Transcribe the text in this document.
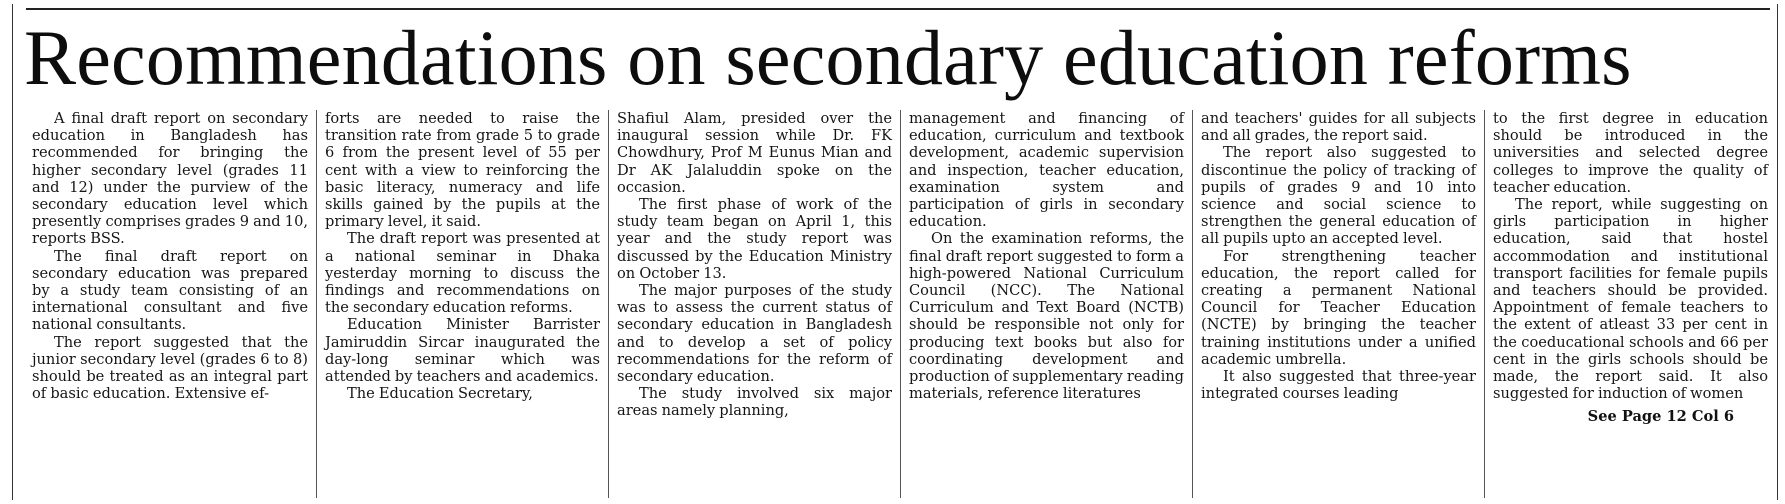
Recommendations on secondary education reforms

A final draft report on secondary education in Bangladesh has recommended for bringing the higher secondary level (grades 11 and 12) under the purview of the secondary education level which presently comprises grades 9 and 10, reports BSS.

The final draft report on secondary education was prepared by a study team consisting of an international consultant and five national consultants.

The report suggested that the junior secondary level (grades 6 to 8) should be treated as an integral part of basic education. Extensive ef-

forts are needed to raise the transition rate from grade 5 to grade 6 from the present level of 55 per cent with a view to reinforcing the basic literacy, numeracy and life skills gained by the pupils at the primary level, it said.

The draft report was presented at a national seminar in Dhaka yesterday morning to discuss the findings and recommendations on the secondary education reforms.

Education Minister Barrister Jamiruddin Sircar inaugurated the day-long seminar which was attended by teachers and academics.

The Education Secretary,

Shafiul Alam, presided over the inaugural session while Dr. FK Chowdhury, Prof M Eunus Mian and Dr AK Jalaluddin spoke on the occasion.

The first phase of work of the study team began on April 1, this year and the study report was discussed by the Education Ministry on October 13.

The major purposes of the study was to assess the current status of secondary education in Bangladesh and to develop a set of policy recommendations for the reform of secondary education.

The study involved six major areas namely planning,

management and financing of education, curriculum and textbook development, academic supervision and inspection, teacher education, examination system and participation of girls in secondary education.

On the examination reforms, the final draft report suggested to form a high-powered National Curriculum Council (NCC). The National Curriculum and Text Board (NCTB) should be responsible not only for producing text books but also for coordinating development and production of supplementary reading materials, reference literatures

and teachers' guides for all subjects and all grades, the report said.

The report also suggested to discontinue the policy of tracking of pupils of grades 9 and 10 into science and social science to strengthen the general education of all pupils upto an accepted level.

For strengthening teacher education, the report called for creating a permanent National Council for Teacher Education (NCTE) by bringing the teacher training institutions under a unified academic umbrella.

It also suggested that three-year integrated courses leading

to the first degree in education should be introduced in the universities and selected degree colleges to improve the quality of teacher education.

The report, while suggesting on girls participation in higher education, said that hostel accommodation and institutional transport facilities for female pupils and teachers should be provided. Appointment of female teachers to the extent of atleast 33 per cent in the coeducational schools and 66 per cent in the girls schools should be made, the report said. It also suggested for induction of women

See Page 12 Col 6
